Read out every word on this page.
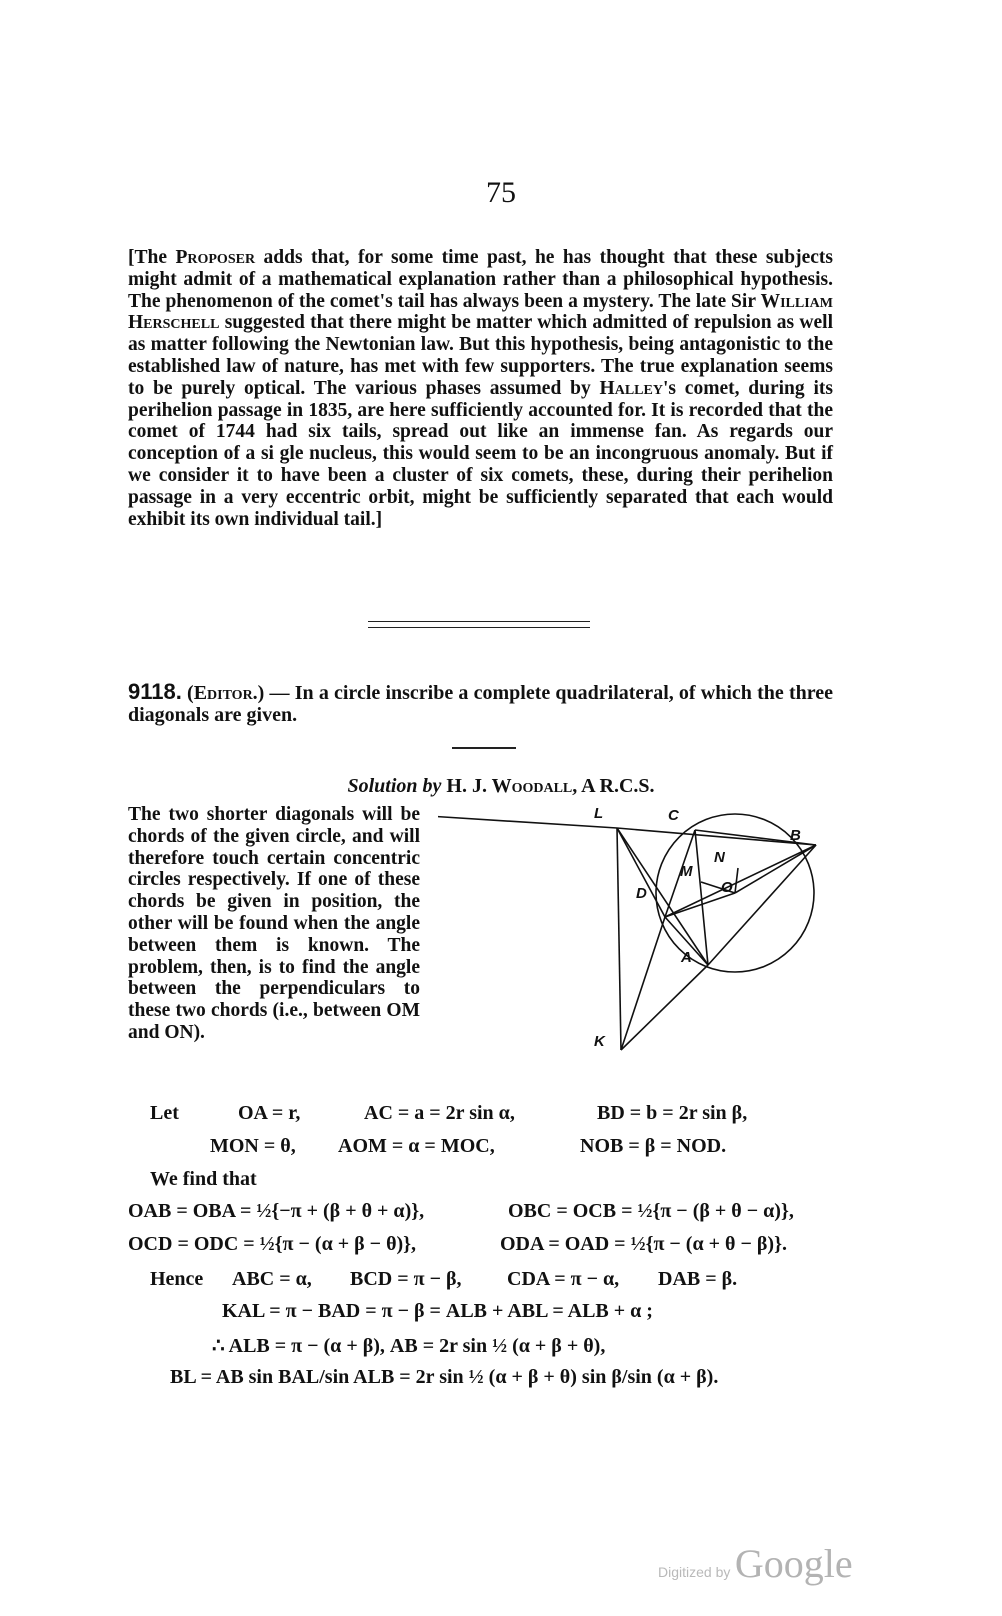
75
[The Proposer adds that, for some time past, he has thought that these subjects might admit of a mathematical explanation rather than a philosophical hypothesis. The phenomenon of the comet's tail has always been a mystery. The late Sir William Herschell suggested that there might be matter which admitted of repulsion as well as matter following the Newtonian law. But this hypothesis, being antagonistic to the established law of nature, has met with few supporters. The true explanation seems to be purely optical. The various phases assumed by Halley's comet, during its perihelion passage in 1835, are here sufficiently accounted for. It is recorded that the comet of 1744 had six tails, spread out like an immense fan. As regards our conception of a si gle nucleus, this would seem to be an incongruous anomaly. But if we consider it to have been a cluster of six comets, these, during their perihelion passage in a very eccentric orbit, might be sufficiently separated that each would exhibit its own individual tail.]
9118. (Editor.) — In a circle inscribe a complete quadrilateral, of which the three diagonals are given.
Solution by H. J. Woodall, A R.C.S.
The two shorter diagonals will be chords of the given circle, and will therefore touch certain concentric circles respectively. If one of these chords be given in position, the other will be found when the angle between them is known. The problem, then, is to find the angle between the perpendiculars to these two chords (i.e., between OM and ON).
L	C
B
M
N
D	O
A
K
Let	OA = r,	AC = a = 2r sin α,	BD = b = 2r sin β,
MON = θ, AOM = α = MOC,	NOB = β = NOD.
We find that
OAB = OBA = ½{−π + (β + θ + α)},	OBC = OCB = ½{π − (β + θ − α)},
OCD = ODC = ½{π − (α + β − θ)},	ODA = OAD = ½{π − (α + θ − β)}.
Hence ABC = α, BCD = π − β, CDA = π − α, DAB = β.
KAL = π − BAD = π − β = ALB + ABL = ALB + α ;
∴ ALB = π − (α + β), AB = 2r sin ½ (α + β + θ),
BL = AB sin BAL/sin ALB = 2r sin ½ (α + β + θ) sin β/sin (α + β).
Digitized by Google
